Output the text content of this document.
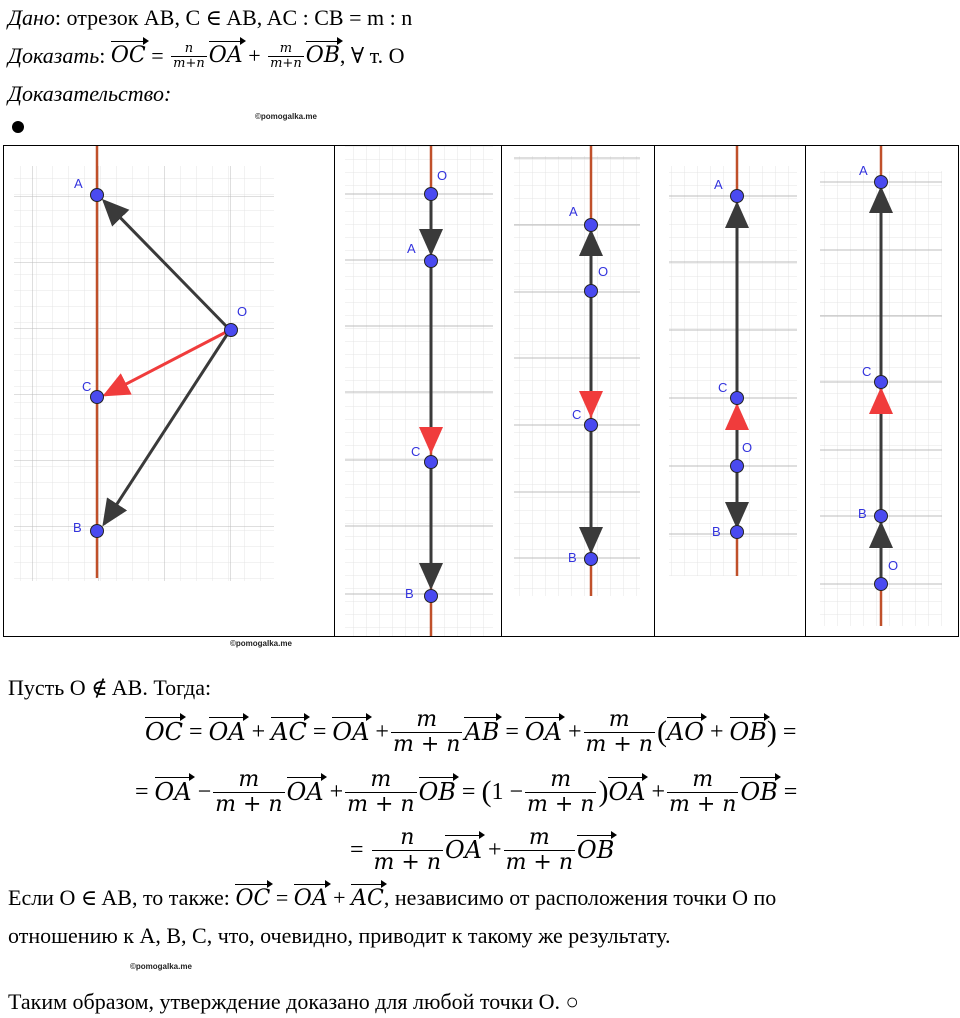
Дано: отрезок AB, C ∈ AB, AC : CB = m : n
Доказать :
OC = $\frac{n}{m+n}$ OA + $\frac{m}{m+n}$ OB , ∀ т. O
Доказательство:
©pomogalka.me
A
C
B
O
O
A
C
B
A
O
C
B
A
C
O
B
A
C
B
O
©pomogalka.me
Пусть O ∉ AB. Тогда:
OC = OA + AC = OA + $\frac{m}{m + n}$ AB = OA + $\frac{m}{m + n}$ ( AO + OB ) =
= OA − $\frac{m}{m + n}$ OA + $\frac{m}{m + n}$ OB = ( $1 - \frac{m}{m + n}$ ) OA + $\frac{m}{m + n}$ OB =
= $\frac{n}{m + n}$ OA + $\frac{m}{m + n}$ OB
Если O ∈ AB, то также: OC = OA + AC, независимо от расположения точки O по
отношению к A, B, C, что, очевидно, приводит к такому же результату.
©pomogalka.me
Таким образом, утверждение доказано для любой точки O. ○
